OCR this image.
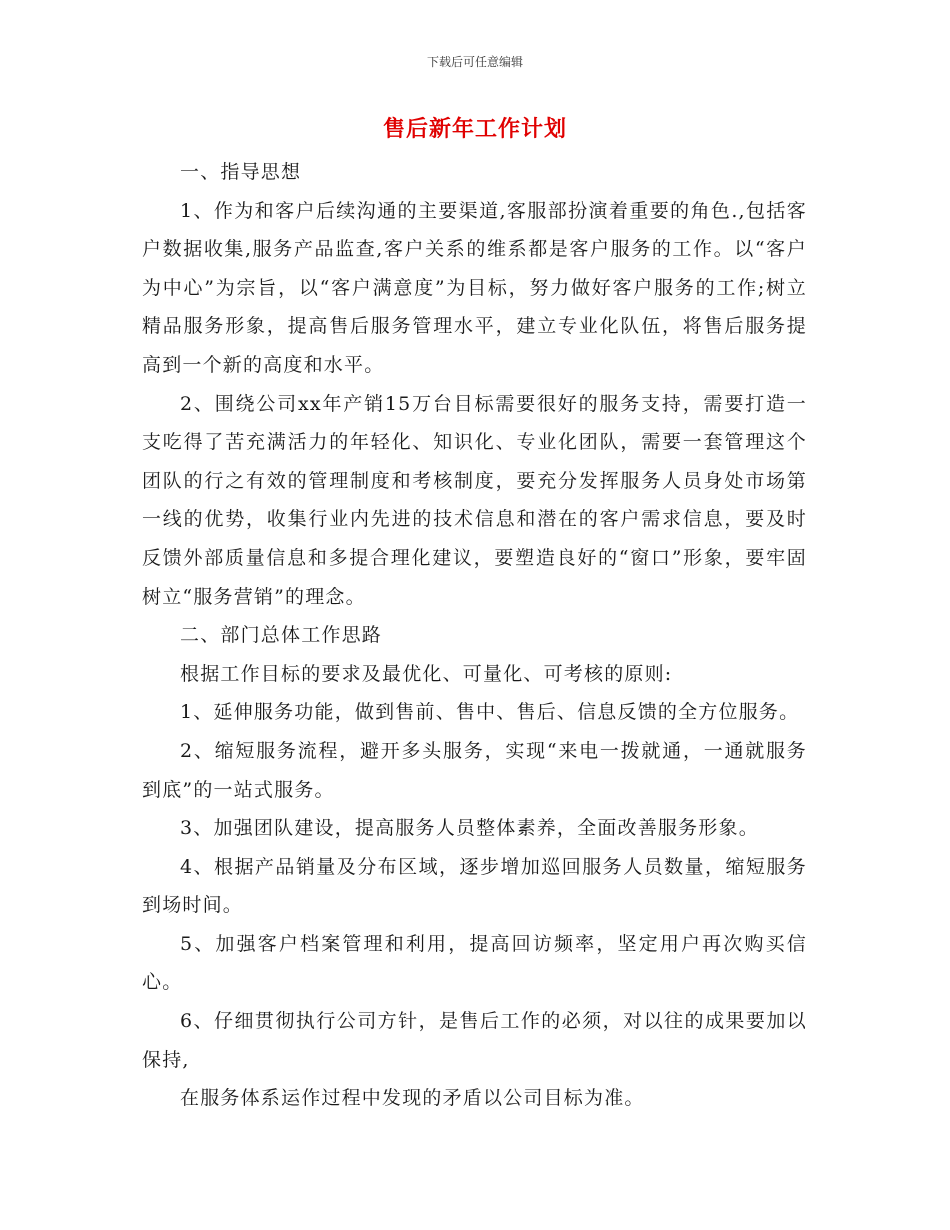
下载后可任意编辑
售后新年工作计划

一、指导思想

1、作为和客户后续沟通的主要渠道,客服部扮演着重要的角色.,包括客户数据收集,服务产品监查,客户关系的维系都是客户服务的工作。以“客户为中心”为宗旨，以“客户满意度”为目标，努力做好客户服务的工作;树立精品服务形象，提高售后服务管理水平，建立专业化队伍，将售后服务提高到一个新的高度和水平。

2、围绕公司xx年产销15万台目标需要很好的服务支持，需要打造一支吃得了苦充满活力的年轻化、知识化、专业化团队，需要一套管理这个团队的行之有效的管理制度和考核制度，要充分发挥服务人员身处市场第一线的优势，收集行业内先进的技术信息和潜在的客户需求信息，要及时反馈外部质量信息和多提合理化建议，要塑造良好的“窗口”形象，要牢固树立“服务营销”的理念。

二、部门总体工作思路

根据工作目标的要求及最优化、可量化、可考核的原则:

1、延伸服务功能，做到售前、售中、售后、信息反馈的全方位服务。

2、缩短服务流程，避开多头服务，实现“来电一拨就通，一通就服务到底”的一站式服务。

3、加强团队建设，提高服务人员整体素养，全面改善服务形象。

4、根据产品销量及分布区域，逐步增加巡回服务人员数量，缩短服务到场时间。

5、加强客户档案管理和利用，提高回访频率，坚定用户再次购买信心。

6、仔细贯彻执行公司方针，是售后工作的必须，对以往的成果要加以保持,

在服务体系运作过程中发现的矛盾以公司目标为准。
